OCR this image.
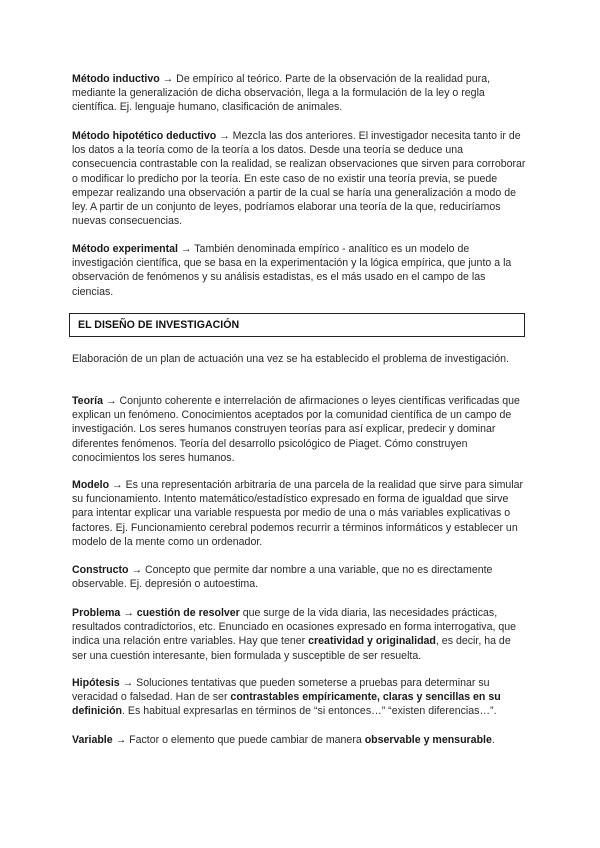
Método inductivo → De empírico al teórico. Parte de la observación de la realidad pura, mediante la generalización de dicha observación, llega a la formulación de la ley o regla científica. Ej. lenguaje humano, clasificación de animales.

Método hipotético deductivo → Mezcla las dos anteriores. El investigador necesita tanto ir de los datos a la teoría como de la teoría a los datos. Desde una teoría se deduce una consecuencia contrastable con la realidad, se realizan observaciones que sirven para corroborar o modificar lo predicho por la teoría. En este caso de no existir una teoría previa, se puede empezar realizando una observación a partir de la cual se haría una generalización a modo de ley. A partir de un conjunto de leyes, podríamos elaborar una teoría de la que, reduciríamos nuevas consecuencias.

Método experimental → También denominada empírico - analítico es un modelo de investigación científica, que se basa en la experimentación y la lógica empírica, que junto a la observación de fenómenos y su análisis estadistas, es el más usado en el campo de las ciencias.

EL DISEÑO DE INVESTIGACIÓN

Elaboración de un plan de actuación una vez se ha establecido el problema de investigación.

Teoría → Conjunto coherente e interrelación de afirmaciones o leyes científicas verificadas que explican un fenómeno. Conocimientos aceptados por la comunidad científica de un campo de investigación. Los seres humanos construyen teorías para así explicar, predecir y dominar diferentes fenómenos. Teoría del desarrollo psicológico de Piaget. Cómo construyen conocimientos los seres humanos.

Modelo → Es una representación arbitraria de una parcela de la realidad que sirve para simular su funcionamiento. Intento matemático/estadístico expresado en forma de igualdad que sirve para intentar explicar una variable respuesta por medio de una o más variables explicativas o factores. Ej. Funcionamiento cerebral podemos recurrir a términos informáticos y establecer un modelo de la mente como un ordenador.

Constructo → Concepto que permite dar nombre a una variable, que no es directamente observable. Ej. depresión o autoestima.

Problema → cuestión de resolver que surge de la vida diaria, las necesidades prácticas, resultados contradictorios, etc. Enunciado en ocasiones expresado en forma interrogativa, que indica una relación entre variables. Hay que tener creatividad y originalidad, es decir, ha de ser una cuestión interesante, bien formulada y susceptible de ser resuelta.

Hipótesis → Soluciones tentativas que pueden someterse a pruebas para determinar su veracidad o falsedad. Han de ser contrastables empíricamente, claras y sencillas en su definición. Es habitual expresarlas en términos de “si entonces…” “existen diferencias…”.

Variable → Factor o elemento que puede cambiar de manera observable y mensurable.
